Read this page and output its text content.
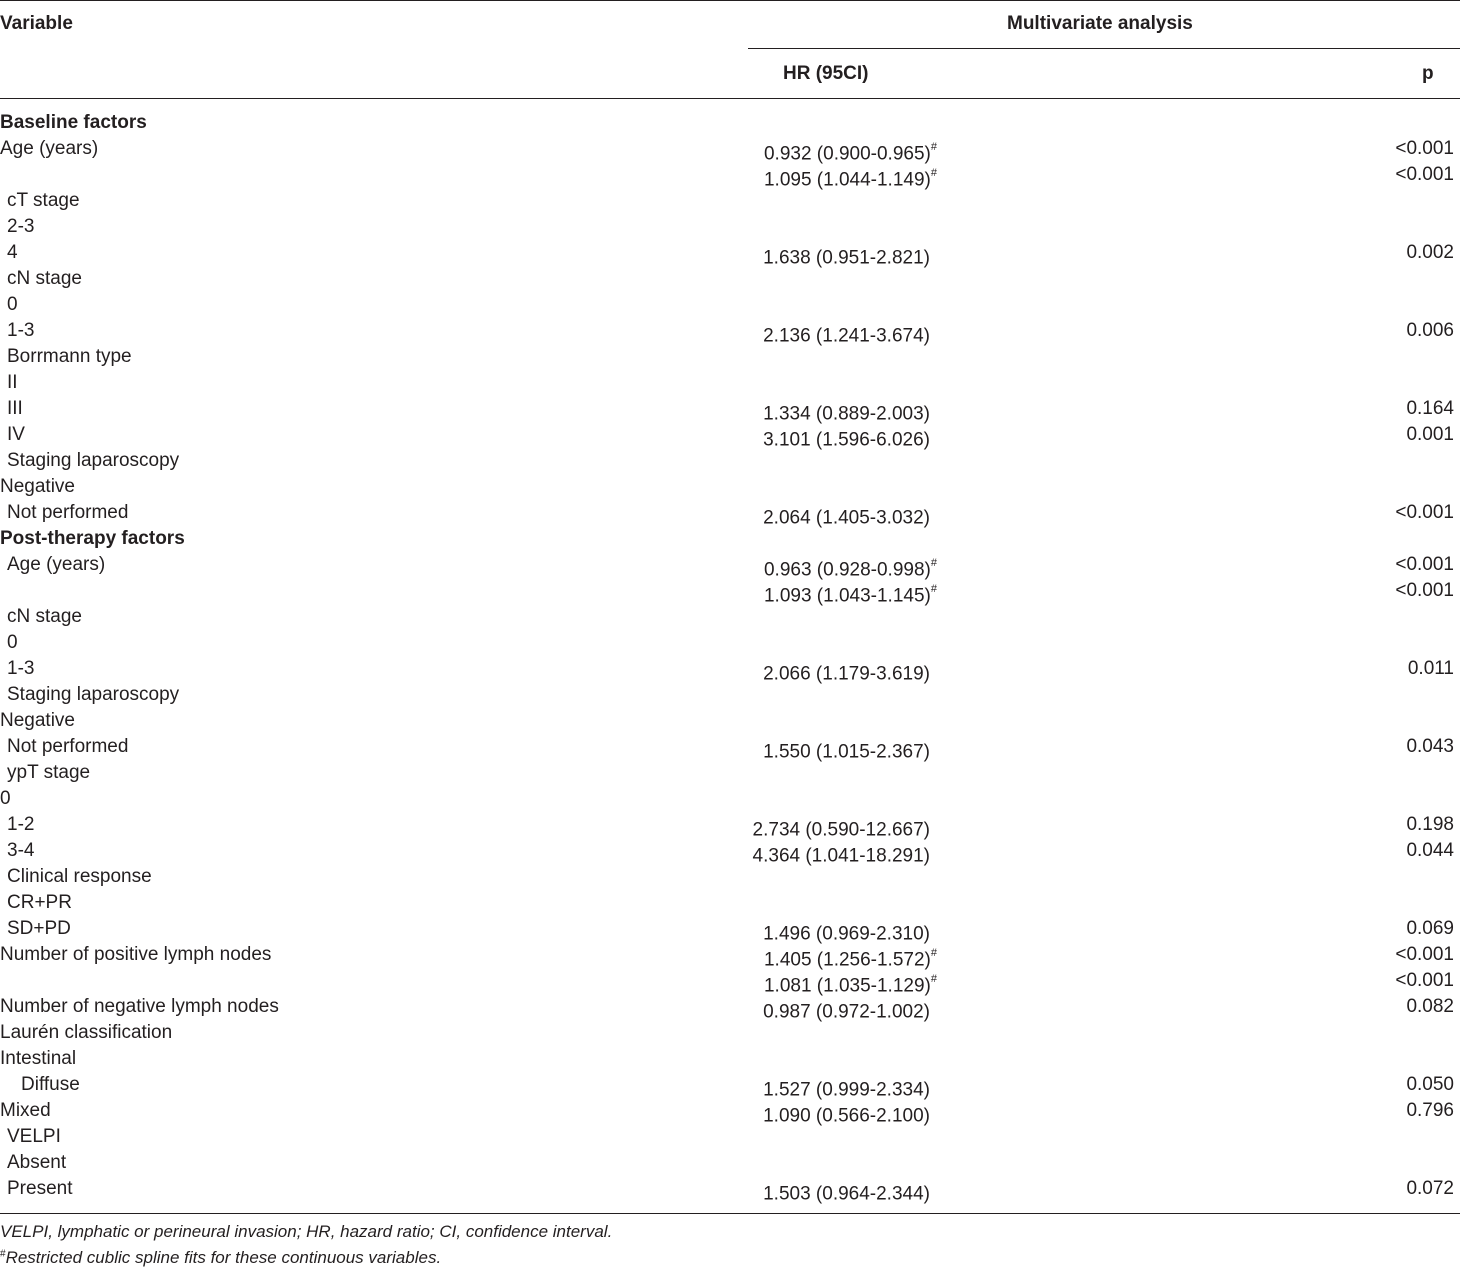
Variable	Multivariate analysis
HR (95CI)	p
Baseline factors
Age (years)	0.932 (0.900-0.965)#	<0.001
1.095 (1.044-1.149)#	<0.001
cT stage
2-3
4	1.638 (0.951-2.821)	0.002
cN stage
0
1-3	2.136 (1.241-3.674)	0.006
Borrmann type
II
III	1.334 (0.889-2.003)	0.164
IV	3.101 (1.596-6.026)	0.001
Staging laparoscopy
Negative
Not performed	2.064 (1.405-3.032)	<0.001
Post-therapy factors
Age (years)	0.963 (0.928-0.998)#	<0.001
1.093 (1.043-1.145)#	<0.001
cN stage
0
1-3	2.066 (1.179-3.619)	0.011
Staging laparoscopy
Negative
Not performed	1.550 (1.015-2.367)	0.043
ypT stage
0
1-2	2.734 (0.590-12.667)	0.198
3-4	4.364 (1.041-18.291)	0.044
Clinical response
CR+PR
SD+PD	1.496 (0.969-2.310)	0.069
Number of positive lymph nodes	1.405 (1.256-1.572)#	<0.001
1.081 (1.035-1.129)#	<0.001
Number of negative lymph nodes	0.987 (0.972-1.002)	0.082
Laurén classification
Intestinal
Diffuse	1.527 (0.999-2.334)	0.050
Mixed	1.090 (0.566-2.100)	0.796
VELPI
Absent
Present	1.503 (0.964-2.344)	0.072
VELPI, lymphatic or perineural invasion; HR, hazard ratio; CI, confidence interval.
#Restricted cublic spline fits for these continuous variables.
